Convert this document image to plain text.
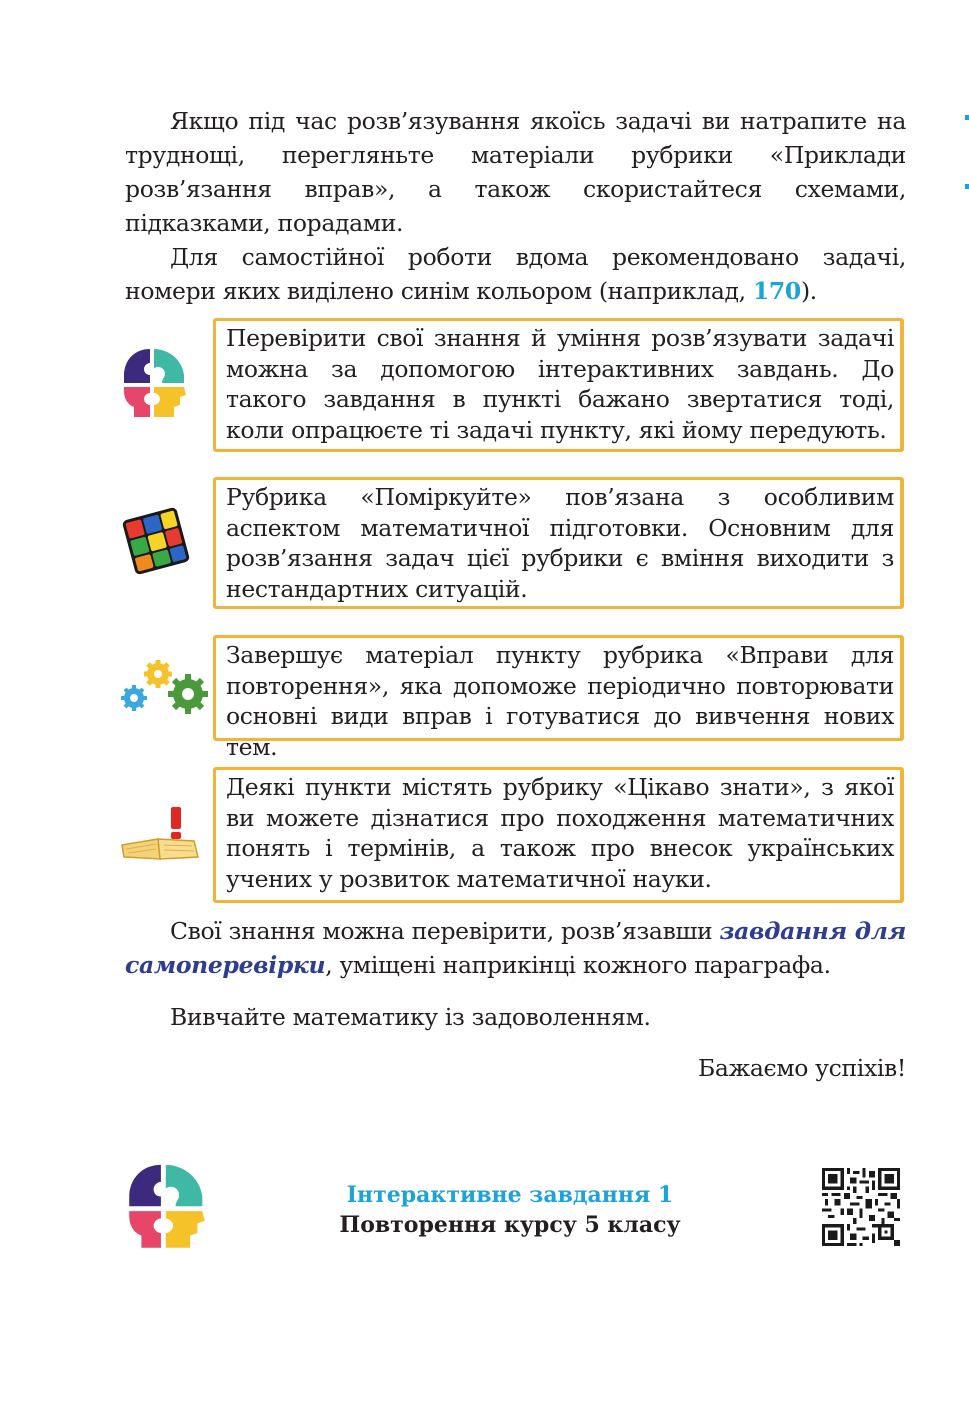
Якщо під час розв’язування якоїсь задачі ви натрапите на труднощі, перегляньте матеріали рубрики «Приклади розв’язання вправ», а також скористайтеся схемами, підказками, порадами.

Для самостійної роботи вдома рекомендовано задачі, номери яких виділено синім кольором (наприклад, 170).

Перевірити свої знання й уміння розв’язувати задачі можна за допомогою інтерактивних завдань. До такого завдання в пункті бажано звертатися тоді, коли опрацюєте ті задачі пункту, які йому передують.
Рубрика «Поміркуйте» пов’язана з особливим аспектом математичної підготовки. Основним для розв’язання задач цієї рубрики є вміння виходити з нестандартних ситуацій.
Завершує матеріал пункту рубрика «Вправи для повторення», яка допоможе періодично повторювати основні види вправ і готуватися до вивчення нових тем.
Деякі пункти містять рубрику «Цікаво знати», з якої ви можете дізнатися про походження математичних понять і термінів, а також про внесок українських учених у розвиток математичної науки.

Свої знання можна перевірити, розв’язавши завдання для самоперевірки, уміщені наприкінці кожного параграфа.

Вивчайте математику із задоволенням.

Бажаємо успіхів!

Інтерактивне завдання 1
Повторення курсу 5 класу
